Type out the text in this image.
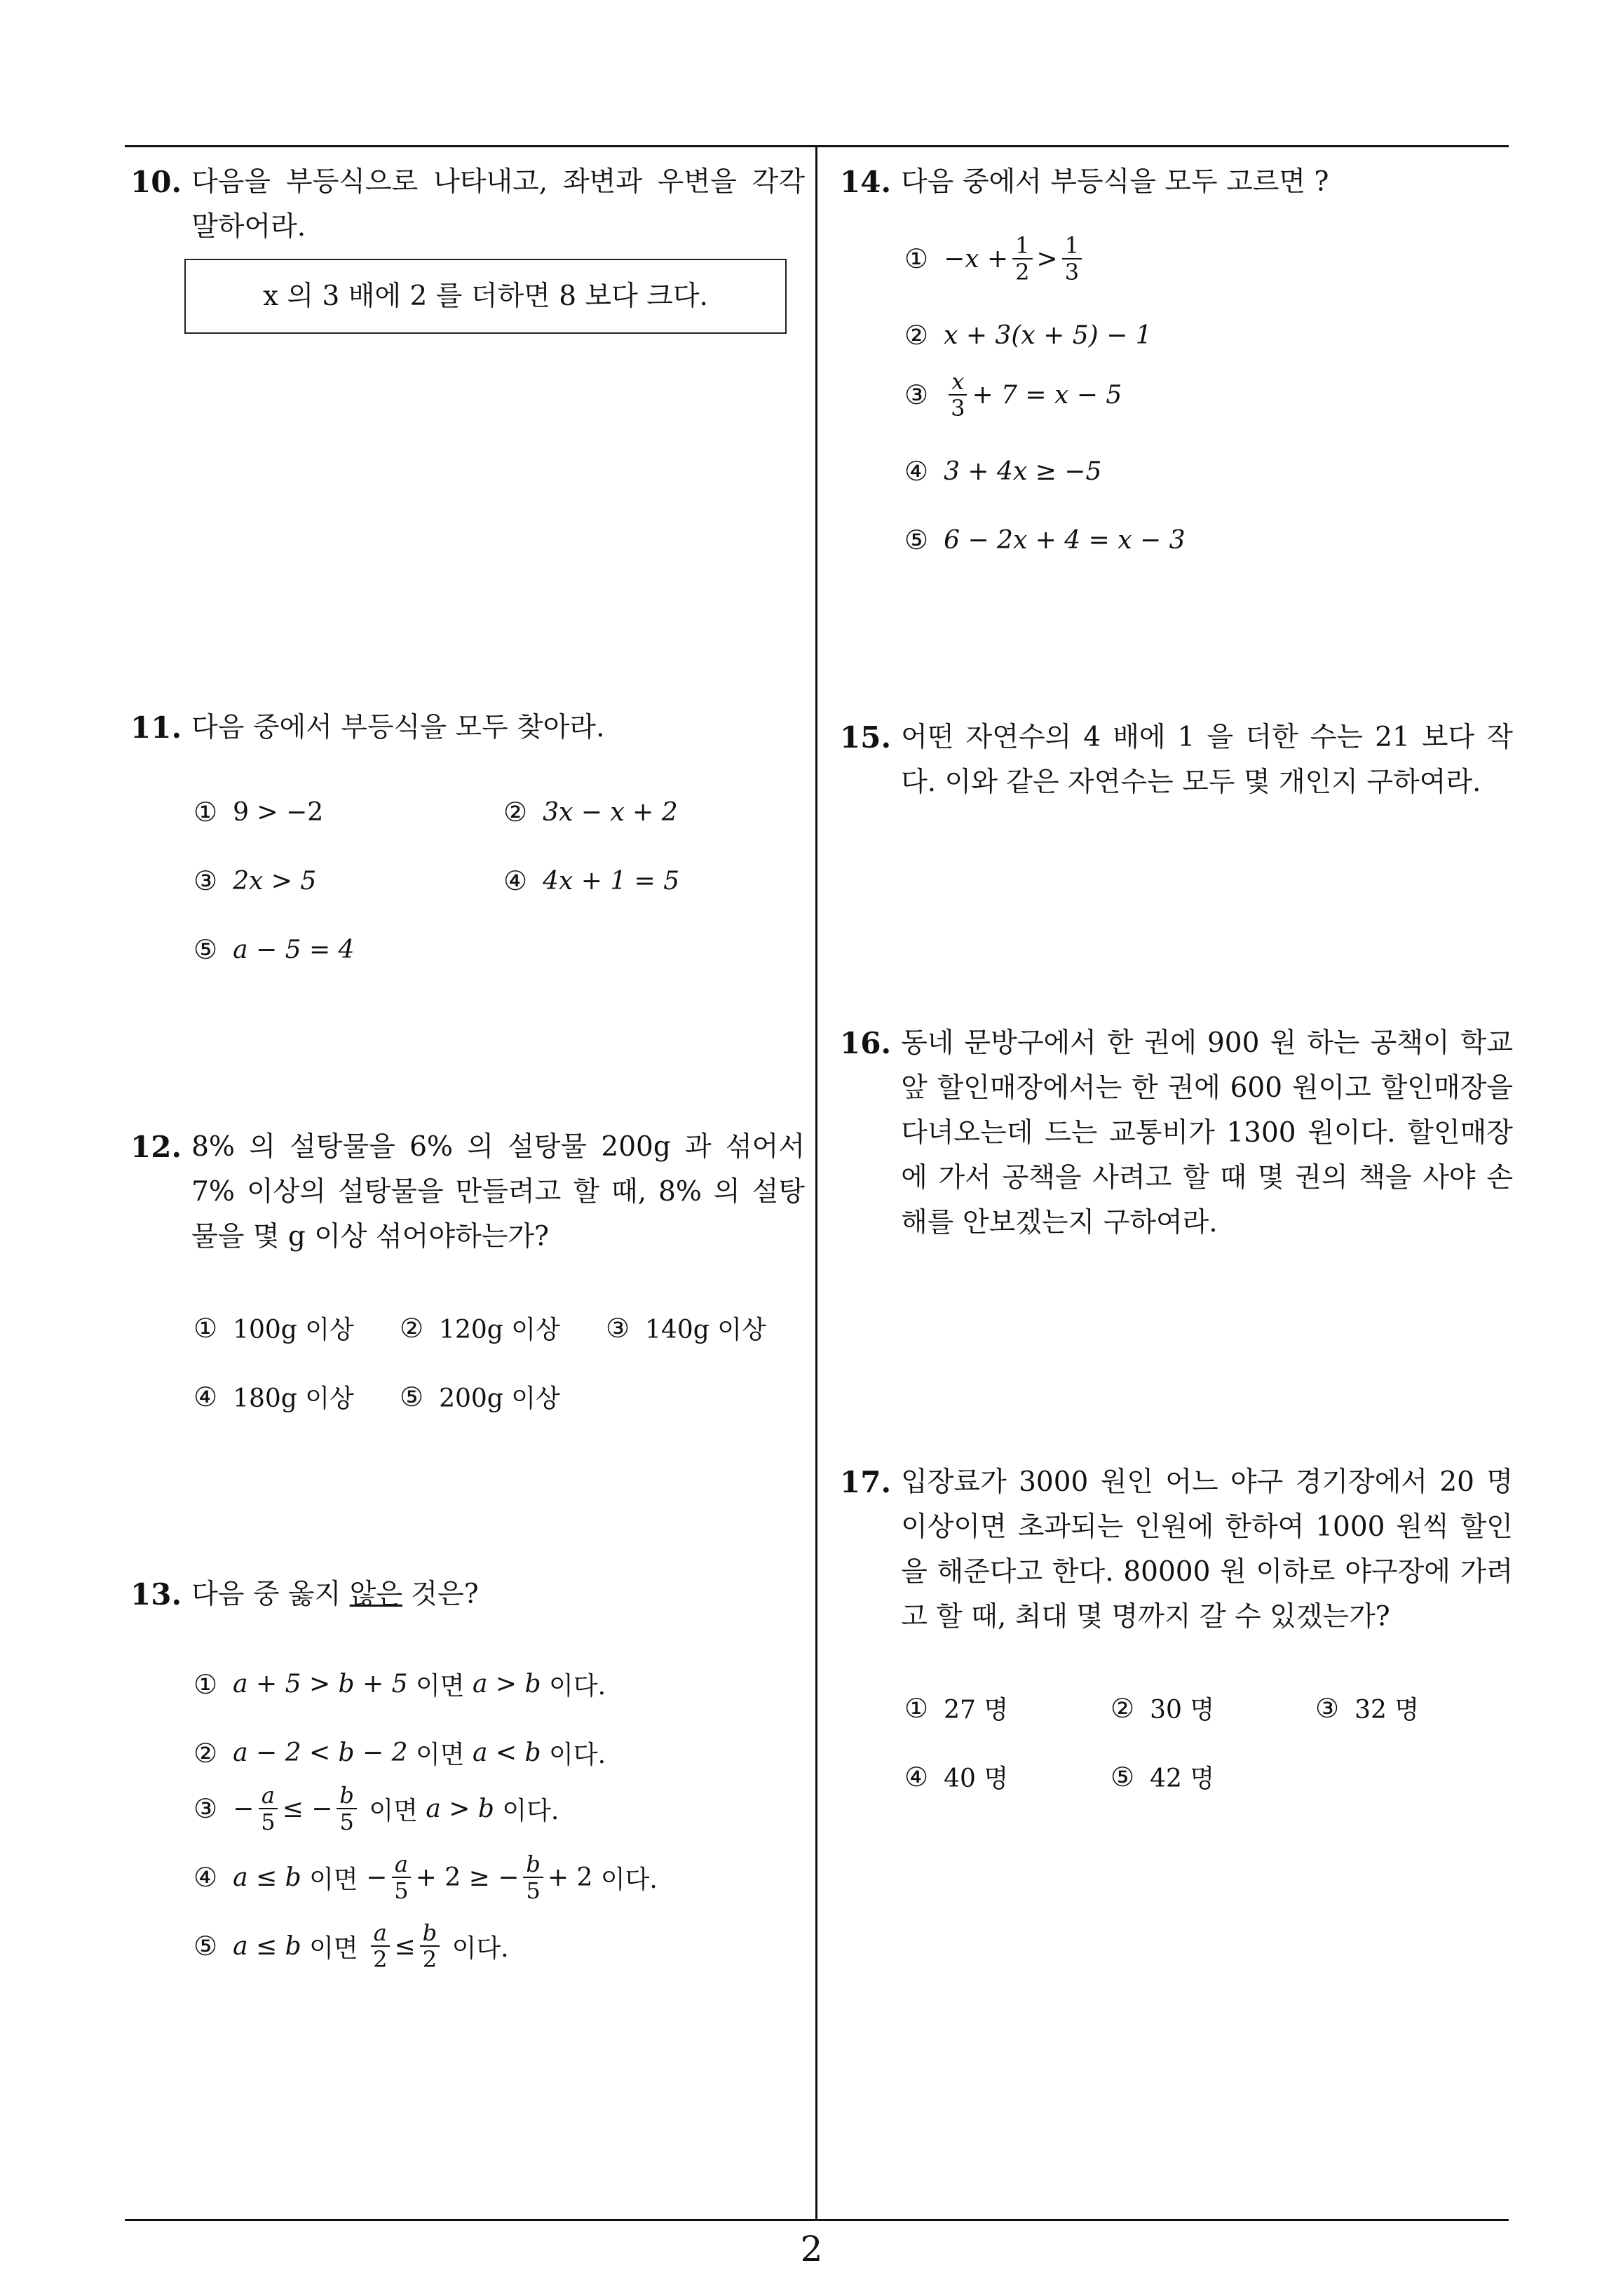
10. 다음을 부등식으로 나타내고, 좌변과 우변을 각각 말하어라.
x 의 3 배에 2 를 더하면 8 보다 크다.
11. 다음 중에서 부등식을 모두 찾아라.
① 9 > −2	② 3x − x + 2
③ 2x > 5	④ 4x + 1 = 5
⑤ a − 5 = 4
12. 8% 의 설탕물을 6% 의 설탕물 200g 과 섞어서 7% 이상의 설탕물을 만들려고 할 때, 8% 의 설탕물을 몇 g 이상 섞어야하는가?
① 100g 이상 ② 120g 이상 ③ 140g 이상
④ 180g 이상 ⑤ 200g 이상
13. 다음 중 옳지 않은 것은?
① a + 5 > b + 5
이면
a > b
이다.
② a − 2 < b − 2
이면
a < b
이다.
③ − $\frac{a}{5}$ ≤ − $\frac{b}{5}$
이면
a > b
이다.
④ a ≤ b
이면
− $\frac{a}{5} + 2$ ≥ − $\frac{b}{5} + 2$
이다.
⑤ a ≤ b
이면
$\frac{a}{2} \le \frac{b}{2}$
이다.
14. 다음 중에서 부등식을 모두 고르면 ?
① $-x + \frac{1}{2} > \frac{1}{3}$
② x + 3(x + 5) − 1
③ $\frac{x}{3} + 7 = x - 5$
④ 3 + 4x ≥ −5
⑤ 6 − 2x + 4 = x − 3
15. 어떤 자연수의 4 배에 1 을 더한 수는 21 보다 작다. 이와 같은 자연수는 모두 몇 개인지 구하여라.
16. 동네 문방구에서 한 권에 900 원 하는 공책이 학교 앞 할인매장에서는 한 권에 600 원이고 할인매장을 다녀오는데 드는 교통비가 1300 원이다. 할인매장에 가서 공책을 사려고 할 때 몇 권의 책을 사야 손해를 안보겠는지 구하여라.
17. 입장료가 3000 원인 어느 야구 경기장에서 20 명 이상이면 초과되는 인원에 한하여 1000 원씩 할인을 해준다고 한다. 80000 원 이하로 야구장에 가려고 할 때, 최대 몇 명까지 갈 수 있겠는가?
① 27 명	② 30 명	③ 32 명
④ 40 명	⑤ 42 명
2
